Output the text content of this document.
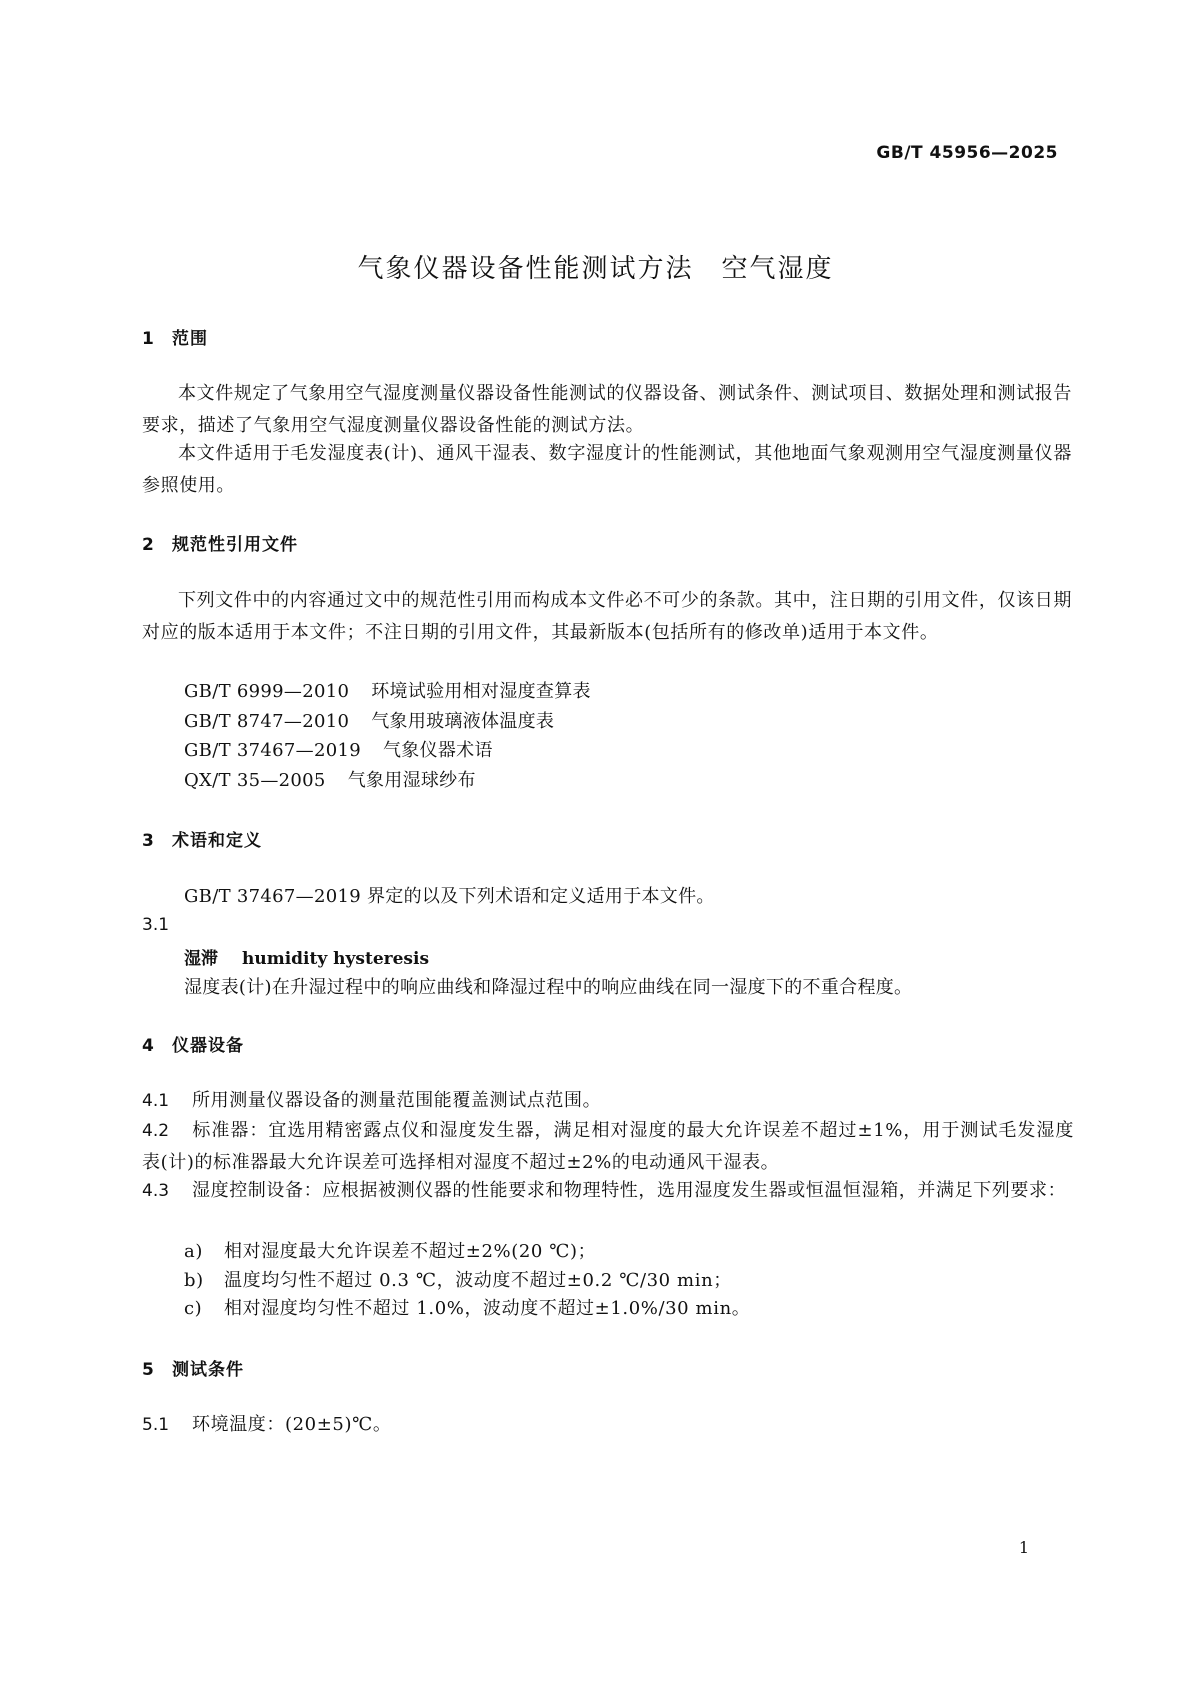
GB/T 45956—2025
气象仪器设备性能测试方法　空气湿度
1 范围
本文件规定了气象用空气湿度测量仪器设备性能测试的仪器设备、测试条件、测试项目、数据处理和测试报告要求，描述了气象用空气湿度测量仪器设备性能的测试方法。
本文件适用于毛发湿度表(计)、通风干湿表、数字湿度计的性能测试，其他地面气象观测用空气湿度测量仪器参照使用。
2 规范性引用文件
下列文件中的内容通过文中的规范性引用而构成本文件必不可少的条款。其中，注日期的引用文件，仅该日期对应的版本适用于本文件；不注日期的引用文件，其最新版本(包括所有的修改单)适用于本文件。
GB/T 6999—2010 环境试验用相对湿度查算表
GB/T 8747—2010 气象用玻璃液体温度表
GB/T 37467—2019 气象仪器术语
QX/T 35—2005 气象用湿球纱布
3 术语和定义
GB/T 37467—2019 界定的以及下列术语和定义适用于本文件。
3.1
湿滞 humidity hysteresis
湿度表(计)在升湿过程中的响应曲线和降湿过程中的响应曲线在同一湿度下的不重合程度。
4 仪器设备
4.1 所用测量仪器设备的测量范围能覆盖测试点范围。
4.2 标准器：宜选用精密露点仪和湿度发生器，满足相对湿度的最大允许误差不超过±1%，用于测试毛发湿度表(计)的标准器最大允许误差可选择相对湿度不超过±2%的电动通风干湿表。
4.3 湿度控制设备：应根据被测仪器的性能要求和物理特性，选用湿度发生器或恒温恒湿箱，并满足下列要求：
a) 相对湿度最大允许误差不超过±2%(20 ℃)；
b) 温度均匀性不超过 0.3 ℃，波动度不超过±0.2 ℃/30 min；
c) 相对湿度均匀性不超过 1.0%，波动度不超过±1.0%/30 min。
5 测试条件
5.1 环境温度：(20±5)℃。
1
